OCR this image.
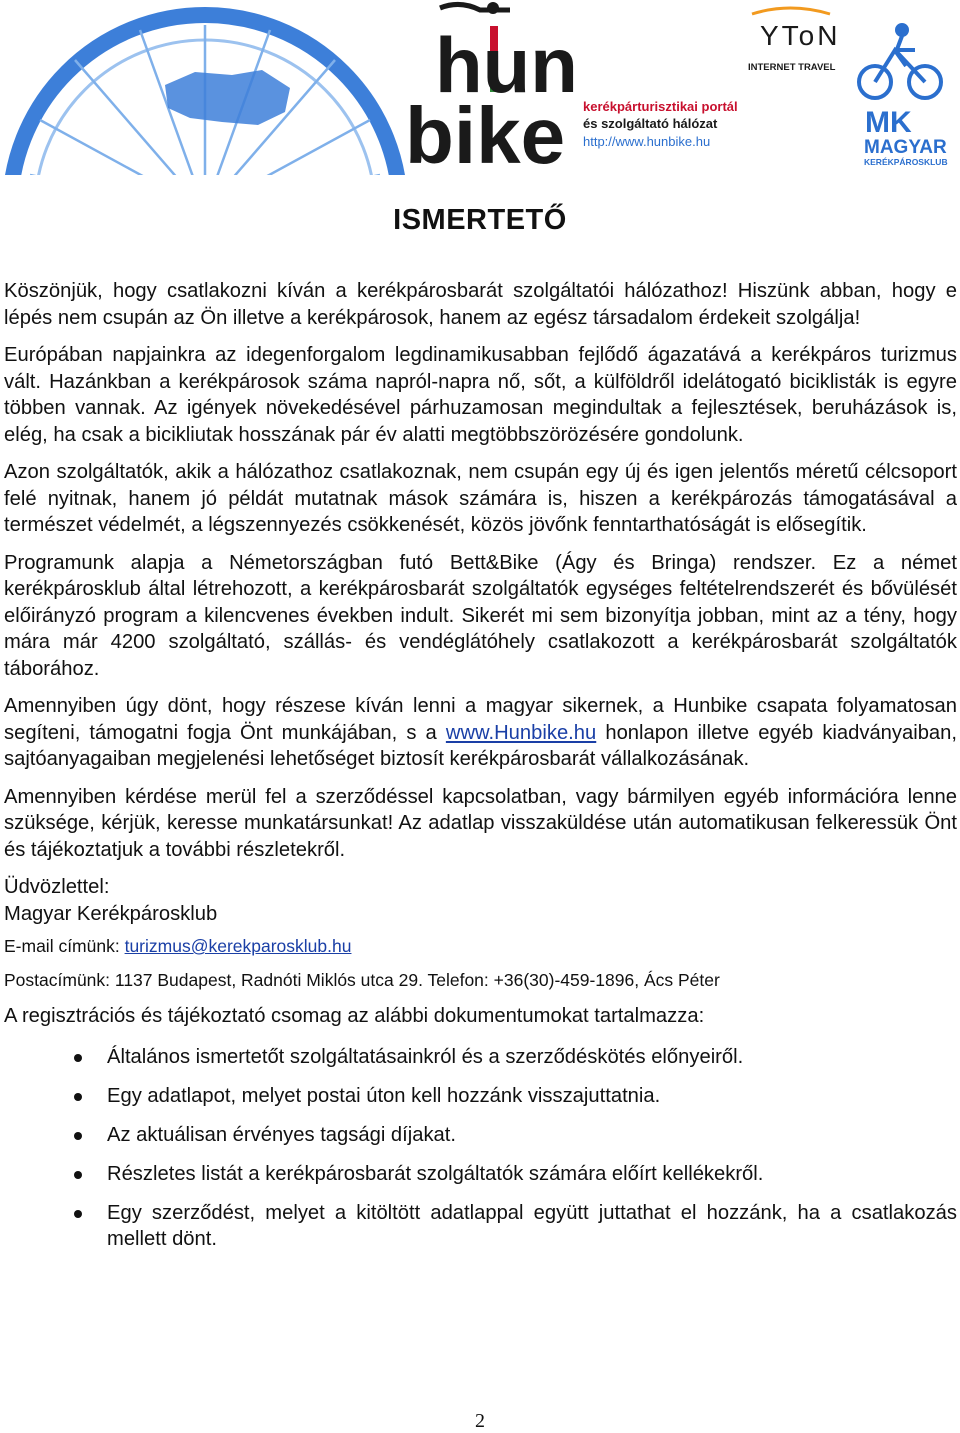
hun
bike kerékpárturisztikai portál
és szolgáltató hálózat
http://www.hunbike.hu
YToN
INTERNET TRAVEL
MK
MAGYAR
KERÉKPÁROSKLUB
ISMERTETŐ

Köszönjük, hogy csatlakozni kíván a kerékpárosbarát szolgáltatói hálózathoz! Hiszünk abban, hogy e lépés nem csupán az Ön illetve a kerékpárosok, hanem az egész társadalom érdekeit szolgálja!

Európában napjainkra az idegenforgalom legdinamikusabban fejlődő ágazatává a kerékpáros turizmus vált. Hazánkban a kerékpárosok száma napról-napra nő, sőt, a külföldről idelátogató biciklisták is egyre többen vannak. Az igények növekedésével párhuzamosan megindultak a fejlesztések, beruházások is, elég, ha csak a bicikliutak hosszának pár év alatti megtöbbszörözésére gondolunk.

Azon szolgáltatók, akik a hálózathoz csatlakoznak, nem csupán egy új és igen jelentős méretű célcsoport felé nyitnak, hanem jó példát mutatnak mások számára is, hiszen a kerékpározás támogatásával a természet védelmét, a légszennyezés csökkenését, közös jövőnk fenntarthatóságát is elősegítik.

Programunk alapja a Németországban futó Bett&Bike (Ágy és Bringa) rendszer. Ez a német kerékpárosklub által létrehozott, a kerékpárosbarát szolgáltatók egységes feltételrendszerét és bővülését előirányzó program a kilencvenes években indult. Sikerét mi sem bizonyítja jobban, mint az a tény, hogy mára már 4200 szolgáltató, szállás- és vendéglátóhely csatlakozott a kerékpárosbarát szolgáltatók táborához.

Amennyiben úgy dönt, hogy részese kíván lenni a magyar sikernek, a Hunbike csapata folyamatosan segíteni, támogatni fogja Önt munkájában, s a www.Hunbike.hu honlapon illetve egyéb kiadványaiban, sajtóanyagaiban megjelenési lehetőséget biztosít kerékpárosbarát vállalkozásának.

Amennyiben kérdése merül fel a szerződéssel kapcsolatban, vagy bármilyen egyéb információra lenne szüksége, kérjük, keresse munkatársunkat! Az adatlap visszaküldése után automatikusan felkeressük Önt és tájékoztatjuk a további részletekről.

Üdvözlettel:

Magyar Kerékpárosklub

E-mail címünk: turizmus@kerekparosklub.hu

Postacímünk: 1137 Budapest, Radnóti Miklós utca 29. Telefon: +36(30)-459-1896, Ács Péter

A regisztrációs és tájékoztató csomag az alábbi dokumentumokat tartalmazza:

Általános ismertetőt szolgáltatásainkról és a szerződéskötés előnyeiről.
Egy adatlapot, melyet postai úton kell hozzánk visszajuttatnia.
Az aktuálisan érvényes tagsági díjakat.
Részletes listát a kerékpárosbarát szolgáltatók számára előírt kellékekről.
Egy szerződést, melyet a kitöltött adatlappal együtt juttathat el hozzánk, ha a csatlakozás mellett dönt.
2
